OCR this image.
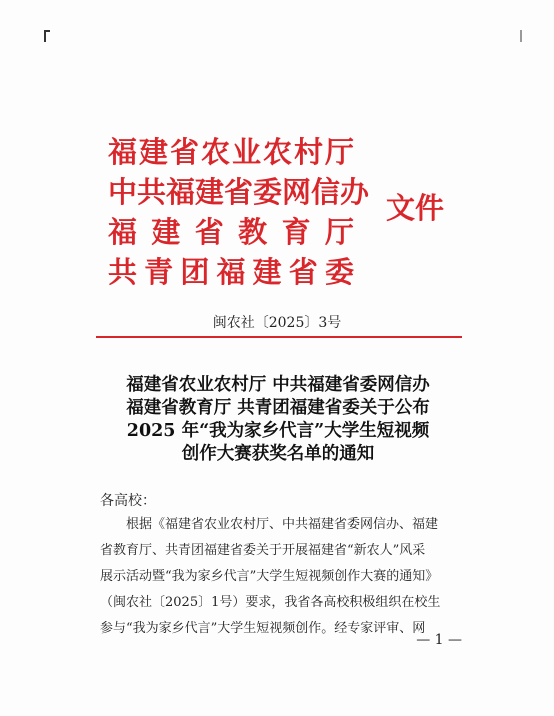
福建省农业农村厅
中共福建省委网信办
福 建 省 教 育 厅
共 青 团 福 建 省 委
文件
闽农社〔2025〕3号
福建省农业农村厅 中共福建省委网信办
福建省教育厅 共青团福建省委关于公布
2025 年“我为家乡代言”大学生短视频
创作大赛获奖名单的通知
各高校：
根据《福建省农业农村厅、中共福建省委网信办、福建
省教育厅、共青团福建省委关于开展福建省“新农人”风采
展示活动暨“我为家乡代言”大学生短视频创作大赛的通知》
（闽农社〔2025〕1号）要求，我省各高校积极组织在校生
参与“我为家乡代言”大学生短视频创作。经专家评审、网
— 1 —
